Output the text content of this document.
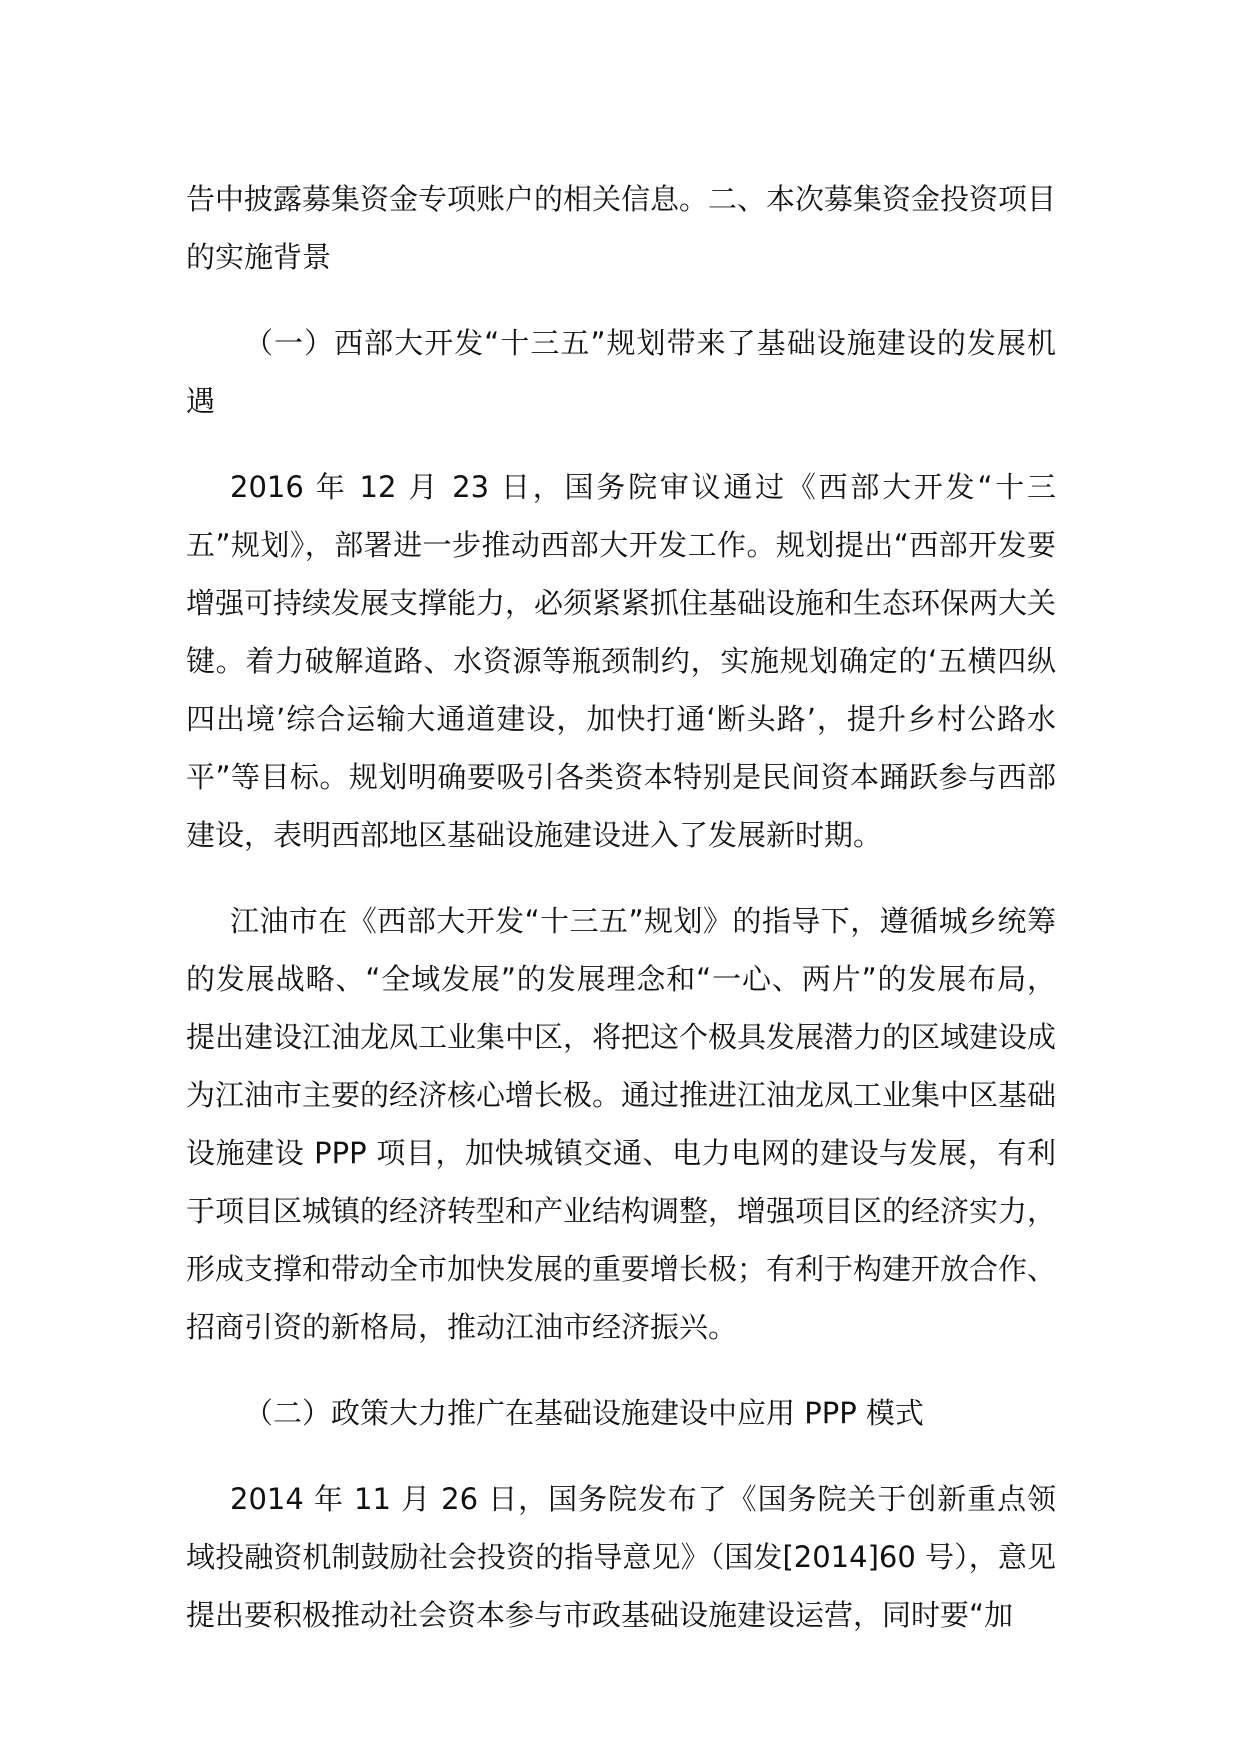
告中披露募集资金专项账户的相关信息。二、本次募集资金投资项目的实施背景

（一）西部大开发“十三五”规划带来了基础设施建设的发展机遇

2016 年 12 月 23 日，国务院审议通过《西部大开发“十三五”规划》，部署进一步推动西部大开发工作。规划提出“西部开发要增强可持续发展支撑能力，必须紧紧抓住基础设施和生态环保两大关键。着力破解道路、水资源等瓶颈制约，实施规划确定的‘五横四纵四出境’综合运输大通道建设，加快打通‘断头路’，提升乡村公路水平”等目标。规划明确要吸引各类资本特别是民间资本踊跃参与西部建设，表明西部地区基础设施建设进入了发展新时期。

江油市在《西部大开发“十三五”规划》的指导下，遵循城乡统筹的发展战略、“全域发展”的发展理念和“一心、两片”的发展布局，提出建设江油龙凤工业集中区，将把这个极具发展潜力的区域建设成为江油市主要的经济核心增长极。通过推进江油龙凤工业集中区基础设施建设 PPP 项目，加快城镇交通、电力电网的建设与发展，有利于项目区城镇的经济转型和产业结构调整，增强项目区的经济实力，形成支撑和带动全市加快发展的重要增长极；有利于构建开放合作、招商引资的新格局，推动江油市经济振兴。

（二）政策大力推广在基础设施建设中应用 PPP 模式

2014 年 11 月 26 日，国务院发布了《国务院关于创新重点领域投融资机制鼓励社会投资的指导意见》（国发[2014]60 号），意见提出要积极推动社会资本参与市政基础设施建设运营，同时要“加
